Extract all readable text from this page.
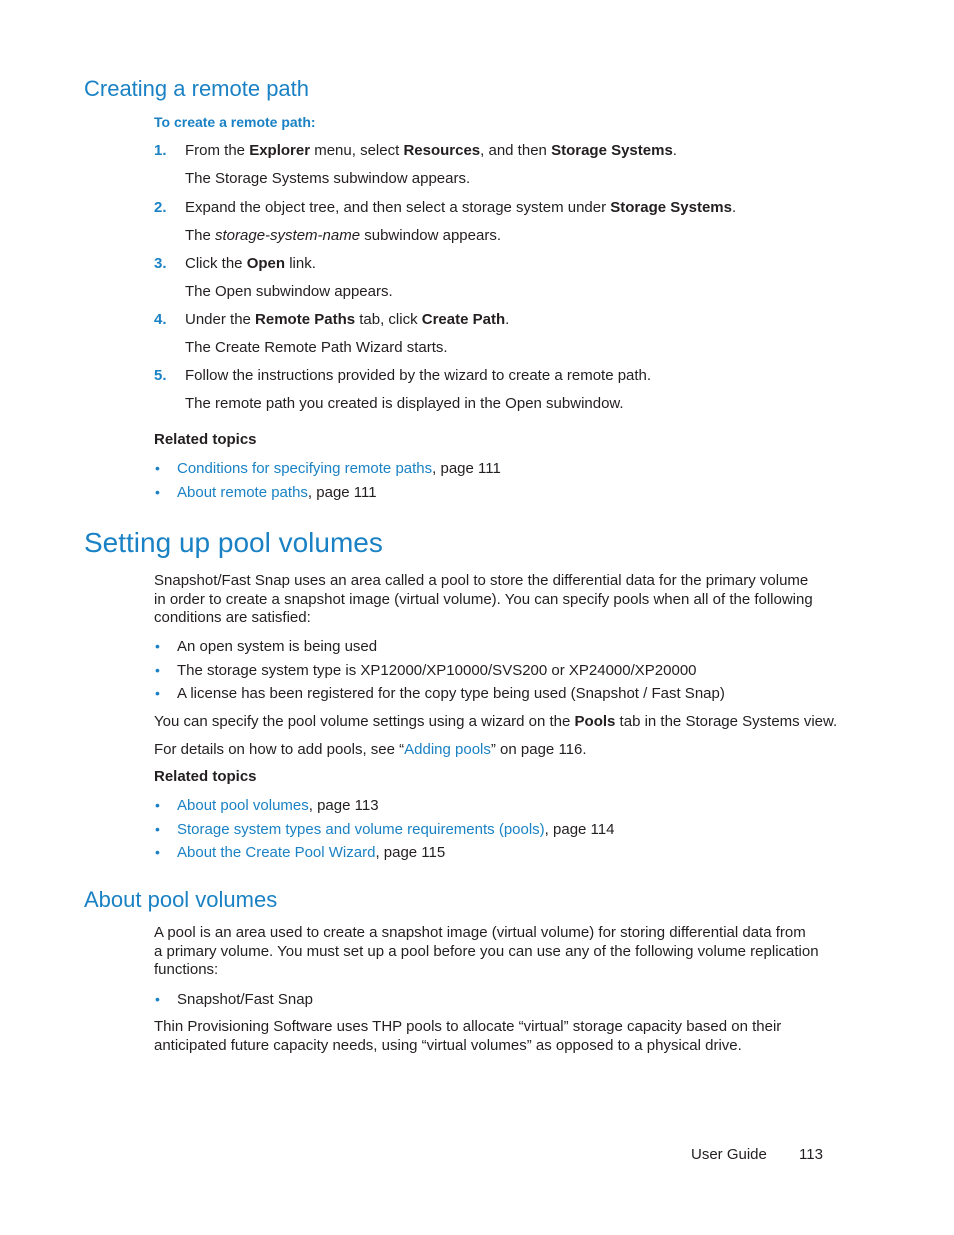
Creating a remote path
To create a remote path:
1. From the Explorer menu, select Resources, and then Storage Systems.
The Storage Systems subwindow appears.
2. Expand the object tree, and then select a storage system under Storage Systems.
The storage-system-name subwindow appears.
3. Click the Open link.
The Open subwindow appears.
4. Under the Remote Paths tab, click Create Path.
The Create Remote Path Wizard starts.
5. Follow the instructions provided by the wizard to create a remote path.
The remote path you created is displayed in the Open subwindow.
Related topics
• Conditions for specifying remote paths, page 111
• About remote paths, page 111
Setting up pool volumes
Snapshot/Fast Snap uses an area called a pool to store the differential data for the primary volume
in order to create a snapshot image (virtual volume). You can specify pools when all of the following
conditions are satisfied:
• An open system is being used
• The storage system type is XP12000/XP10000/SVS200 or XP24000/XP20000
• A license has been registered for the copy type being used (Snapshot / Fast Snap)
You can specify the pool volume settings using a wizard on the Pools tab in the Storage Systems view.
For details on how to add pools, see “Adding pools” on page 116.
Related topics
• About pool volumes, page 113
• Storage system types and volume requirements (pools), page 114
• About the Create Pool Wizard, page 115
About pool volumes
A pool is an area used to create a snapshot image (virtual volume) for storing differential data from
a primary volume. You must set up a pool before you can use any of the following volume replication
functions:
• Snapshot/Fast Snap
Thin Provisioning Software uses THP pools to allocate “virtual” storage capacity based on their
anticipated future capacity needs, using “virtual volumes” as opposed to a physical drive.
User Guide 113
